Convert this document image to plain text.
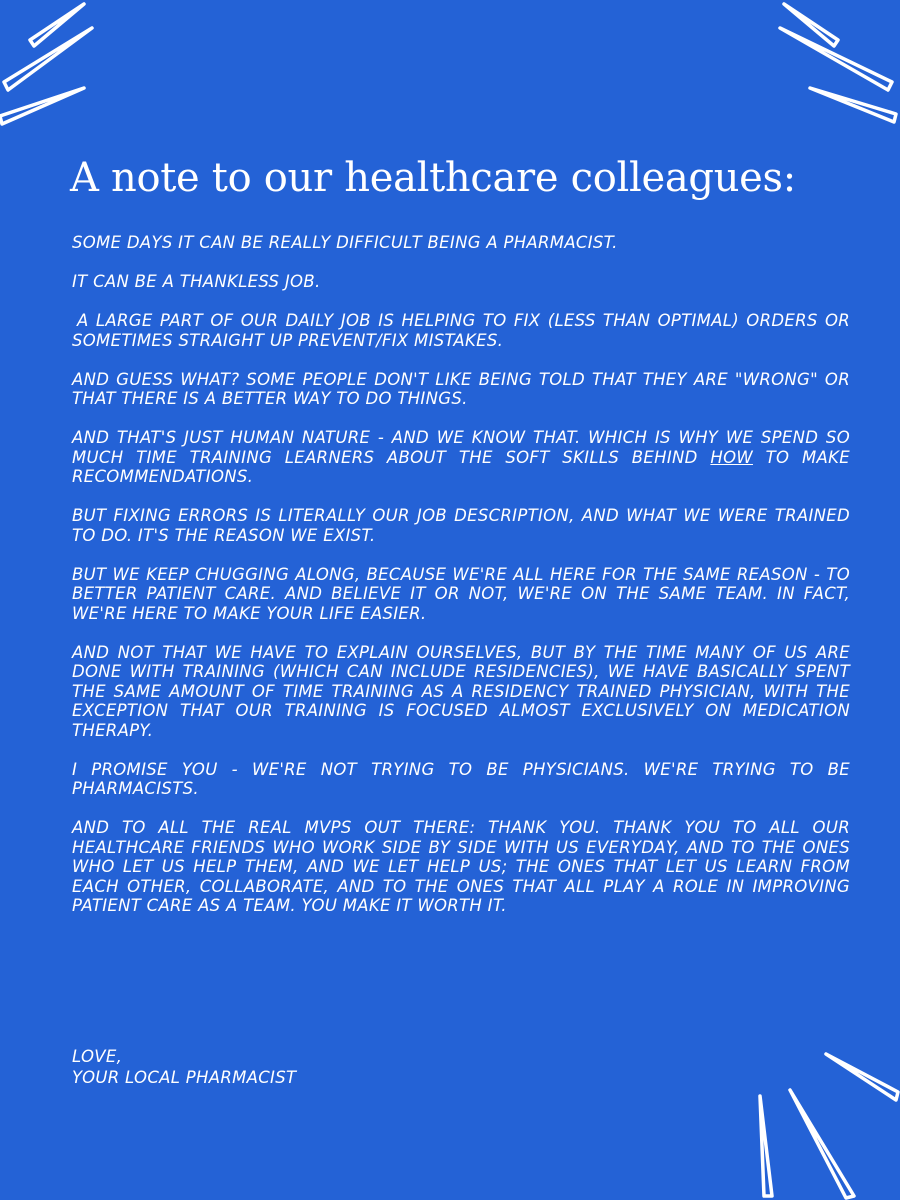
A note to our healthcare colleagues:

SOME DAYS IT CAN BE REALLY DIFFICULT BEING A PHARMACIST.

IT CAN BE A THANKLESS JOB.

A LARGE PART OF OUR DAILY JOB IS HELPING TO FIX (LESS THAN OPTIMAL) ORDERS OR SOMETIMES STRAIGHT UP PREVENT/FIX MISTAKES.

AND GUESS WHAT? SOME PEOPLE DON'T LIKE BEING TOLD THAT THEY ARE "WRONG" OR THAT THERE IS A BETTER WAY TO DO THINGS.

AND THAT'S JUST HUMAN NATURE - AND WE KNOW THAT. WHICH IS WHY WE SPEND SO MUCH TIME TRAINING LEARNERS ABOUT THE SOFT SKILLS BEHIND HOW TO MAKE RECOMMENDATIONS.

BUT FIXING ERRORS IS LITERALLY OUR JOB DESCRIPTION, AND WHAT WE WERE TRAINED TO DO. IT'S THE REASON WE EXIST.

BUT WE KEEP CHUGGING ALONG, BECAUSE WE'RE ALL HERE FOR THE SAME REASON - TO BETTER PATIENT CARE. AND BELIEVE IT OR NOT, WE'RE ON THE SAME TEAM. IN FACT, WE'RE HERE TO MAKE YOUR LIFE EASIER.

AND NOT THAT WE HAVE TO EXPLAIN OURSELVES, BUT BY THE TIME MANY OF US ARE DONE WITH TRAINING (WHICH CAN INCLUDE RESIDENCIES), WE HAVE BASICALLY SPENT THE SAME AMOUNT OF TIME TRAINING AS A RESIDENCY TRAINED PHYSICIAN, WITH THE EXCEPTION THAT OUR TRAINING IS FOCUSED ALMOST EXCLUSIVELY ON MEDICATION THERAPY.

I PROMISE YOU - WE'RE NOT TRYING TO BE PHYSICIANS. WE'RE TRYING TO BE PHARMACISTS.

AND TO ALL THE REAL MVPS OUT THERE: THANK YOU. THANK YOU TO ALL OUR HEALTHCARE FRIENDS WHO WORK SIDE BY SIDE WITH US EVERYDAY, AND TO THE ONES WHO LET US HELP THEM, AND WE LET HELP US; THE ONES THAT LET US LEARN FROM EACH OTHER, COLLABORATE, AND TO THE ONES THAT ALL PLAY A ROLE IN IMPROVING PATIENT CARE AS A TEAM. YOU MAKE IT WORTH IT.

LOVE,
YOUR LOCAL PHARMACIST
